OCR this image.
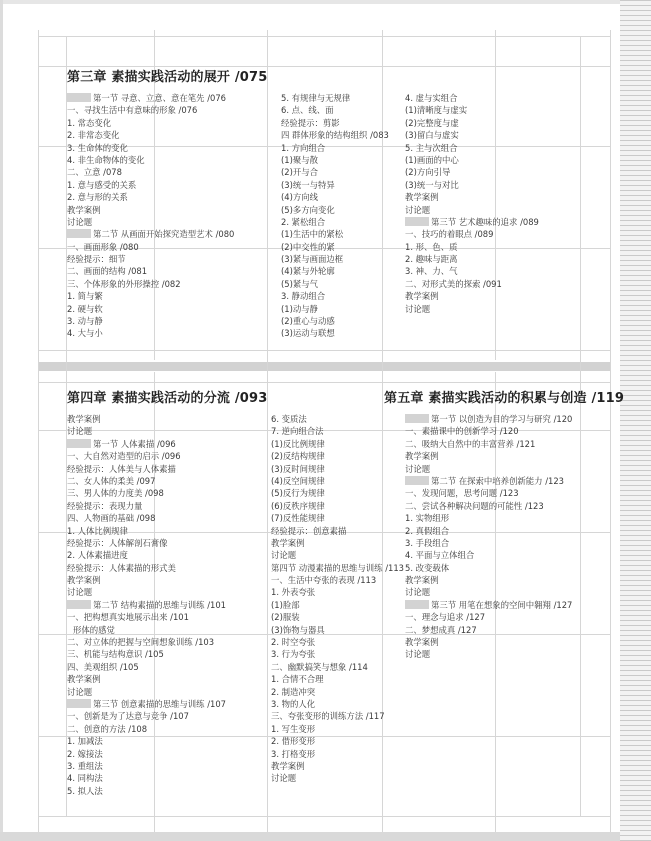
第三章 素描实践活动的展开 /075
第一节 寻意、立意、意在笔先 /076
一、寻找生活中有意味的形象 /076
1. 常态变化
2. 非常态变化
3. 生命体的变化
4. 非生命物体的变化
二、立意 /078
1. 意与感受的关系
2. 意与形的关系
教学案例
讨论题
第二节 从画面开始探究造型艺术 /080
一、画面形象 /080
经验提示：细节
二、画面的结构 /081
三、个体形象的外形操控 /082
1. 简与繁
2. 硬与软
3. 动与静
4. 大与小
5. 有规律与无规律
6. 点、线、面
经验提示：剪影
四 群体形象的结构组织 /083
1. 方向组合
(1)聚与散
(2)开与合
(3)统一与特异
(4)方向线
(5)多方向变化
2. 紧松组合
(1)生活中的紧松
(2)中交性的紧
(3)紧与画面边框
(4)紧与外轮廓
(5)紧与气
3. 静动组合
(1)动与静
(2)重心与动感
(3)运动与联想
4. 虚与实组合
(1)清晰度与虚实
(2)完整度与虚
(3)留白与虚实
5. 主与次组合
(1)画面的中心
(2)方向引导
(3)统一与对比
教学案例
讨论题
第三节 艺术趣味的追求 /089
一、技巧的着眼点 /089
1. 形、色、质
2. 趣味与距离
3. 神、力、气
二、对形式美的探索 /091
教学案例
讨论题
第四章 素描实践活动的分流 /093
教学案例
讨论题
第一节 人体素描 /096
一、大自然对造型的启示 /096
经验提示：人体美与人体素描
二、女人体的柔美 /097
三、男人体的力度美 /098
经验提示：表现力量
四、人物画的基础 /098
1. 人体比例规律
经验提示：人体解剖石膏像
2. 人体素描进度
经验提示：人体素描的形式美
教学案例
讨论题
第二节 结构素描的思维与训练 /101
一、把构想真实地展示出来 /101
形体的感觉
二、对立体的把握与空间想象训练 /103
三、机能与结构意识 /105
四、美观组织 /105
教学案例
讨论题
第三节 创意素描的思维与训练 /107
一、创新是为了达意与竞争 /107
二、创意的方法 /108
1. 加减法
2. 嫁接法
3. 重组法
4. 同构法
5. 拟人法
6. 变质法
7. 逆向组合法
(1)反比例规律
(2)反结构规律
(3)反时间规律
(4)反空间规律
(5)反行为规律
(6)反秩序规律
(7)反性能规律
经验提示：创意素描
教学案例
讨论题
第四节 动漫素描的思维与训练 /113
一、生活中夸张的表现 /113
1. 外表夸张
(1)脸部
(2)服装
(3)饰物与器具
2. 时空夸张
3. 行为夸张
二、幽默搞笑与想象 /114
1. 合情不合理
2. 制造冲突
3. 物的人化
三、夸张变形的训练方法 /117
1. 写生变形
2. 借形变形
3. 打格变形
教学案例
讨论题
第五章 素描实践活动的积累与创造 /119
第一节 以创造为目的学习与研究 /120
一、素描课中的创新学习 /120
二、吸纳大自然中的丰富营养 /121
教学案例
讨论题
第二节 在探索中培养创新能力 /123
一、发现问题，思考问题 /123
二、尝试各种解决问题的可能性 /123
1. 实物组形
2. 真假组合
3. 手段组合
4. 平面与立体组合
5. 改变载体
教学案例
讨论题
第三节 用笔在想象的空间中翱翔 /127
一、理念与追求 /127
二、梦想成真 /127
教学案例
讨论题
